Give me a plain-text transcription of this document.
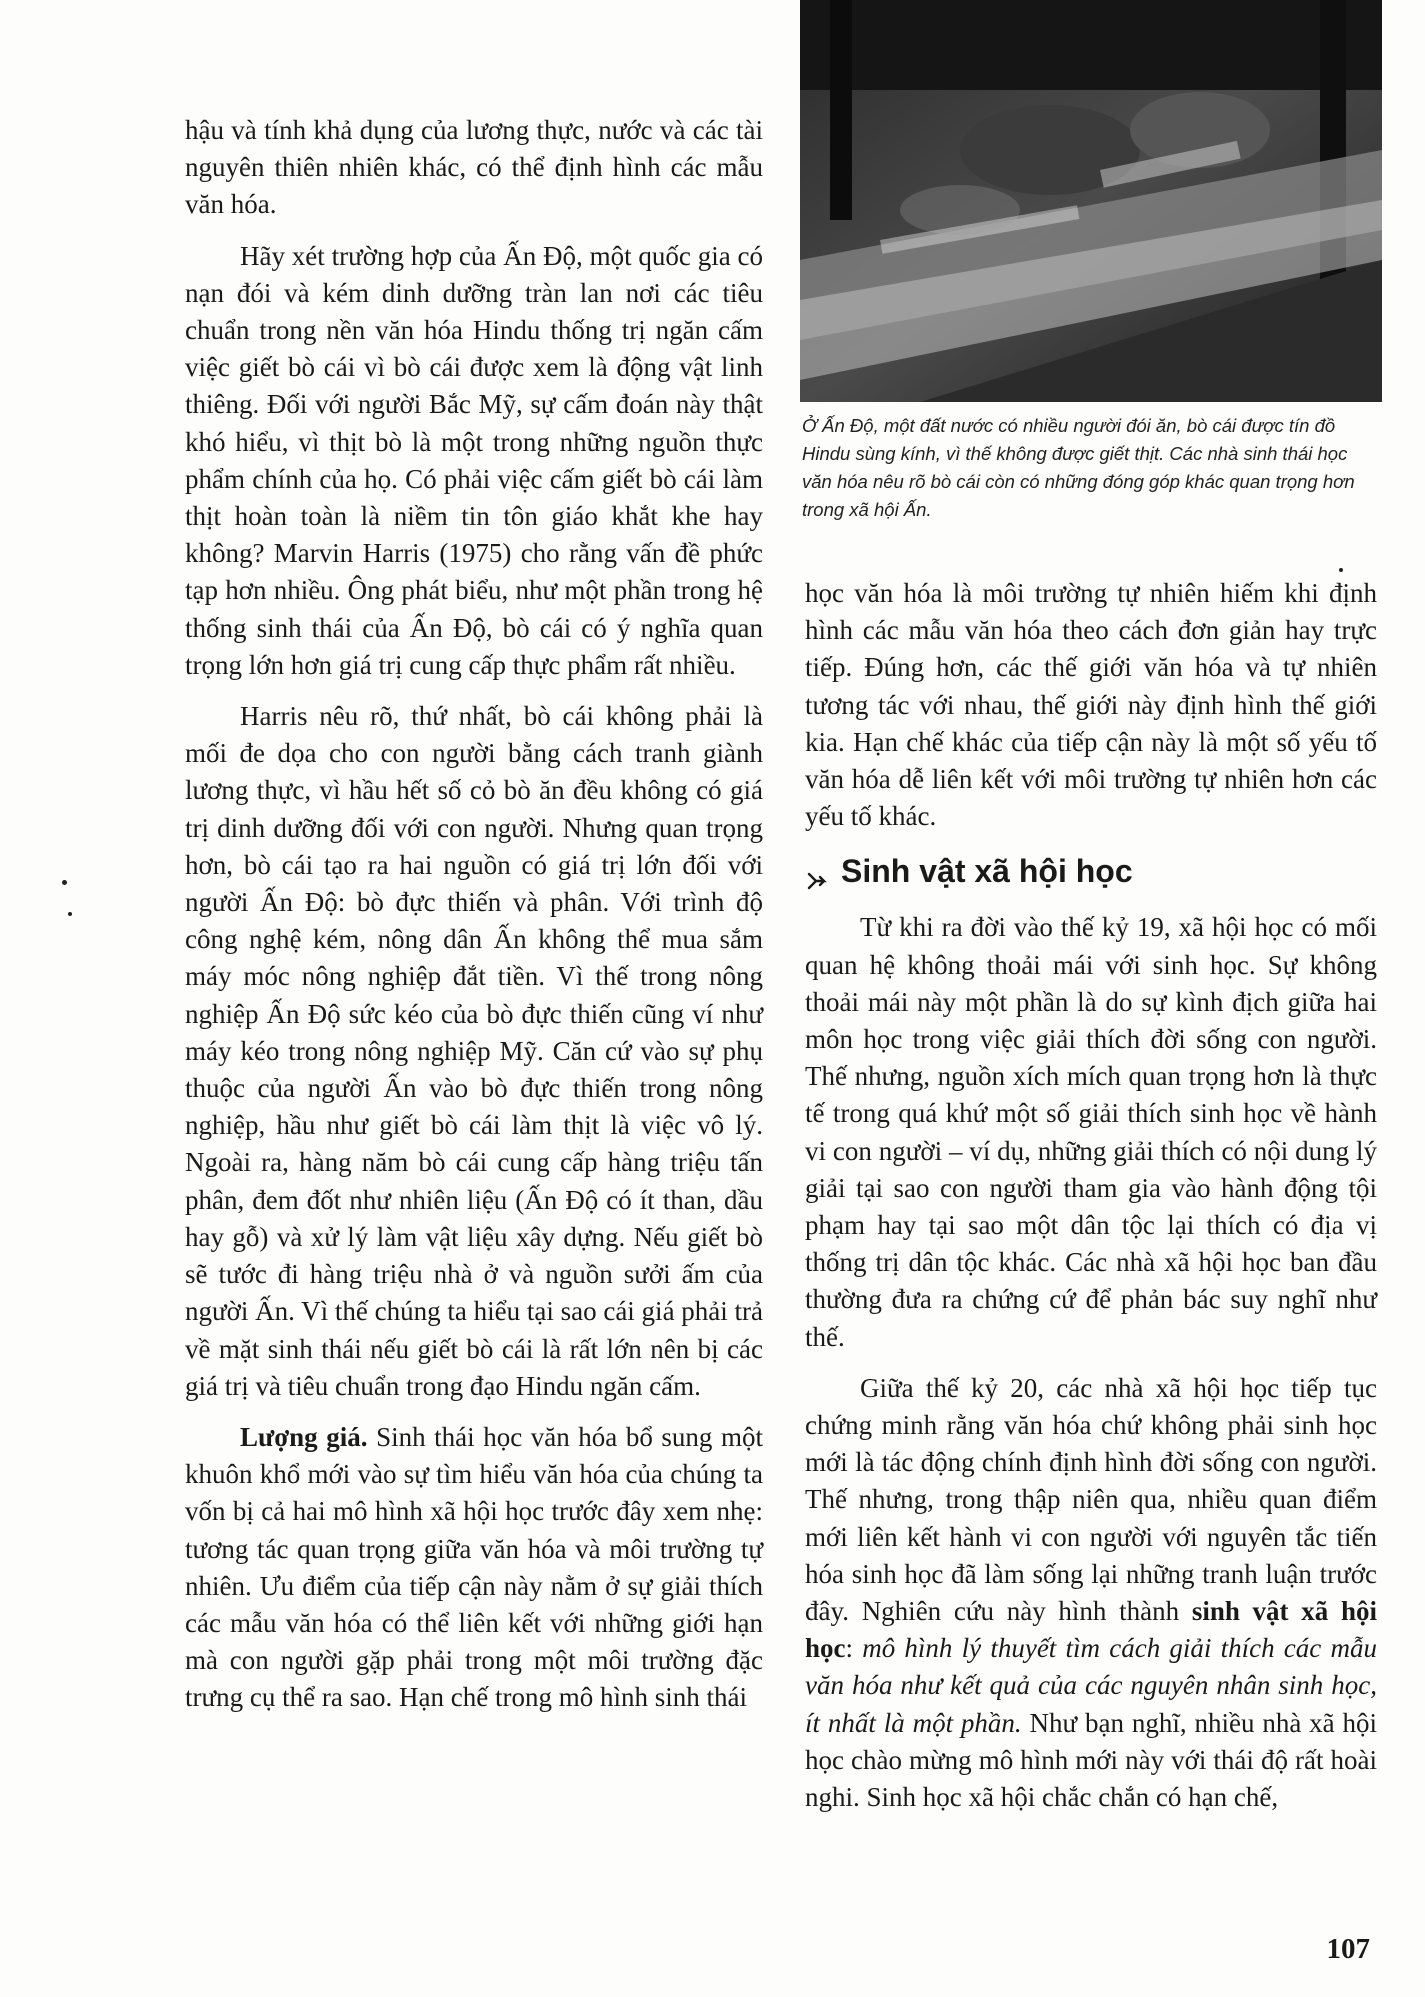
Ở Ấn Độ, một đất nước có nhiều người đói ăn, bò cái được tín đồ Hindu sùng kính, vì thế không được giết thịt. Các nhà sinh thái học văn hóa nêu rõ bò cái còn có những đóng góp khác quan trọng hơn trong xã hội Ấn.

hậu và tính khả dụng của lương thực, nước và các tài nguyên thiên nhiên khác, có thể định hình các mẫu văn hóa.

Hãy xét trường hợp của Ấn Độ, một quốc gia có nạn đói và kém dinh dưỡng tràn lan nơi các tiêu chuẩn trong nền văn hóa Hindu thống trị ngăn cấm việc giết bò cái vì bò cái được xem là động vật linh thiêng. Đối với người Bắc Mỹ, sự cấm đoán này thật khó hiểu, vì thịt bò là một trong những nguồn thực phẩm chính của họ. Có phải việc cấm giết bò cái làm thịt hoàn toàn là niềm tin tôn giáo khắt khe hay không? Marvin Harris (1975) cho rằng vấn đề phức tạp hơn nhiều. Ông phát biểu, như một phần trong hệ thống sinh thái của Ấn Độ, bò cái có ý nghĩa quan trọng lớn hơn giá trị cung cấp thực phẩm rất nhiều.

Harris nêu rõ, thứ nhất, bò cái không phải là mối đe dọa cho con người bằng cách tranh giành lương thực, vì hầu hết số cỏ bò ăn đều không có giá trị dinh dưỡng đối với con người. Nhưng quan trọng hơn, bò cái tạo ra hai nguồn có giá trị lớn đối với người Ấn Độ: bò đực thiến và phân. Với trình độ công nghệ kém, nông dân Ấn không thể mua sắm máy móc nông nghiệp đắt tiền. Vì thế trong nông nghiệp Ấn Độ sức kéo của bò đực thiến cũng ví như máy kéo trong nông nghiệp Mỹ. Căn cứ vào sự phụ thuộc của người Ấn vào bò đực thiến trong nông nghiệp, hầu như giết bò cái làm thịt là việc vô lý. Ngoài ra, hàng năm bò cái cung cấp hàng triệu tấn phân, đem đốt như nhiên liệu (Ấn Độ có ít than, dầu hay gỗ) và xử lý làm vật liệu xây dựng. Nếu giết bò sẽ tước đi hàng triệu nhà ở và nguồn sưởi ấm của người Ấn. Vì thế chúng ta hiểu tại sao cái giá phải trả về mặt sinh thái nếu giết bò cái là rất lớn nên bị các giá trị và tiêu chuẩn trong đạo Hindu ngăn cấm.

Lượng giá. Sinh thái học văn hóa bổ sung một khuôn khổ mới vào sự tìm hiểu văn hóa của chúng ta vốn bị cả hai mô hình xã hội học trước đây xem nhẹ: tương tác quan trọng giữa văn hóa và môi trường tự nhiên. Ưu điểm của tiếp cận này nằm ở sự giải thích các mẫu văn hóa có thể liên kết với những giới hạn mà con người gặp phải trong một môi trường đặc trưng cụ thể ra sao. Hạn chế trong mô hình sinh thái

học văn hóa là môi trường tự nhiên hiếm khi định hình các mẫu văn hóa theo cách đơn giản hay trực tiếp. Đúng hơn, các thế giới văn hóa và tự nhiên tương tác với nhau, thế giới này định hình thế giới kia. Hạn chế khác của tiếp cận này là một số yếu tố văn hóa dễ liên kết với môi trường tự nhiên hơn các yếu tố khác.

Sinh vật xã hội học

Từ khi ra đời vào thế kỷ 19, xã hội học có mối quan hệ không thoải mái với sinh học. Sự không thoải mái này một phần là do sự kình địch giữa hai môn học trong việc giải thích đời sống con người. Thế nhưng, nguồn xích mích quan trọng hơn là thực tế trong quá khứ một số giải thích sinh học về hành vi con người – ví dụ, những giải thích có nội dung lý giải tại sao con người tham gia vào hành động tội phạm hay tại sao một dân tộc lại thích có địa vị thống trị dân tộc khác. Các nhà xã hội học ban đầu thường đưa ra chứng cứ để phản bác suy nghĩ như thế.

Giữa thế kỷ 20, các nhà xã hội học tiếp tục chứng minh rằng văn hóa chứ không phải sinh học mới là tác động chính định hình đời sống con người. Thế nhưng, trong thập niên qua, nhiều quan điểm mới liên kết hành vi con người với nguyên tắc tiến hóa sinh học đã làm sống lại những tranh luận trước đây. Nghiên cứu này hình thành sinh vật xã hội học: mô hình lý thuyết tìm cách giải thích các mẫu văn hóa như kết quả của các nguyên nhân sinh học, ít nhất là một phần. Như bạn nghĩ, nhiều nhà xã hội học chào mừng mô hình mới này với thái độ rất hoài nghi. Sinh học xã hội chắc chắn có hạn chế,

107
